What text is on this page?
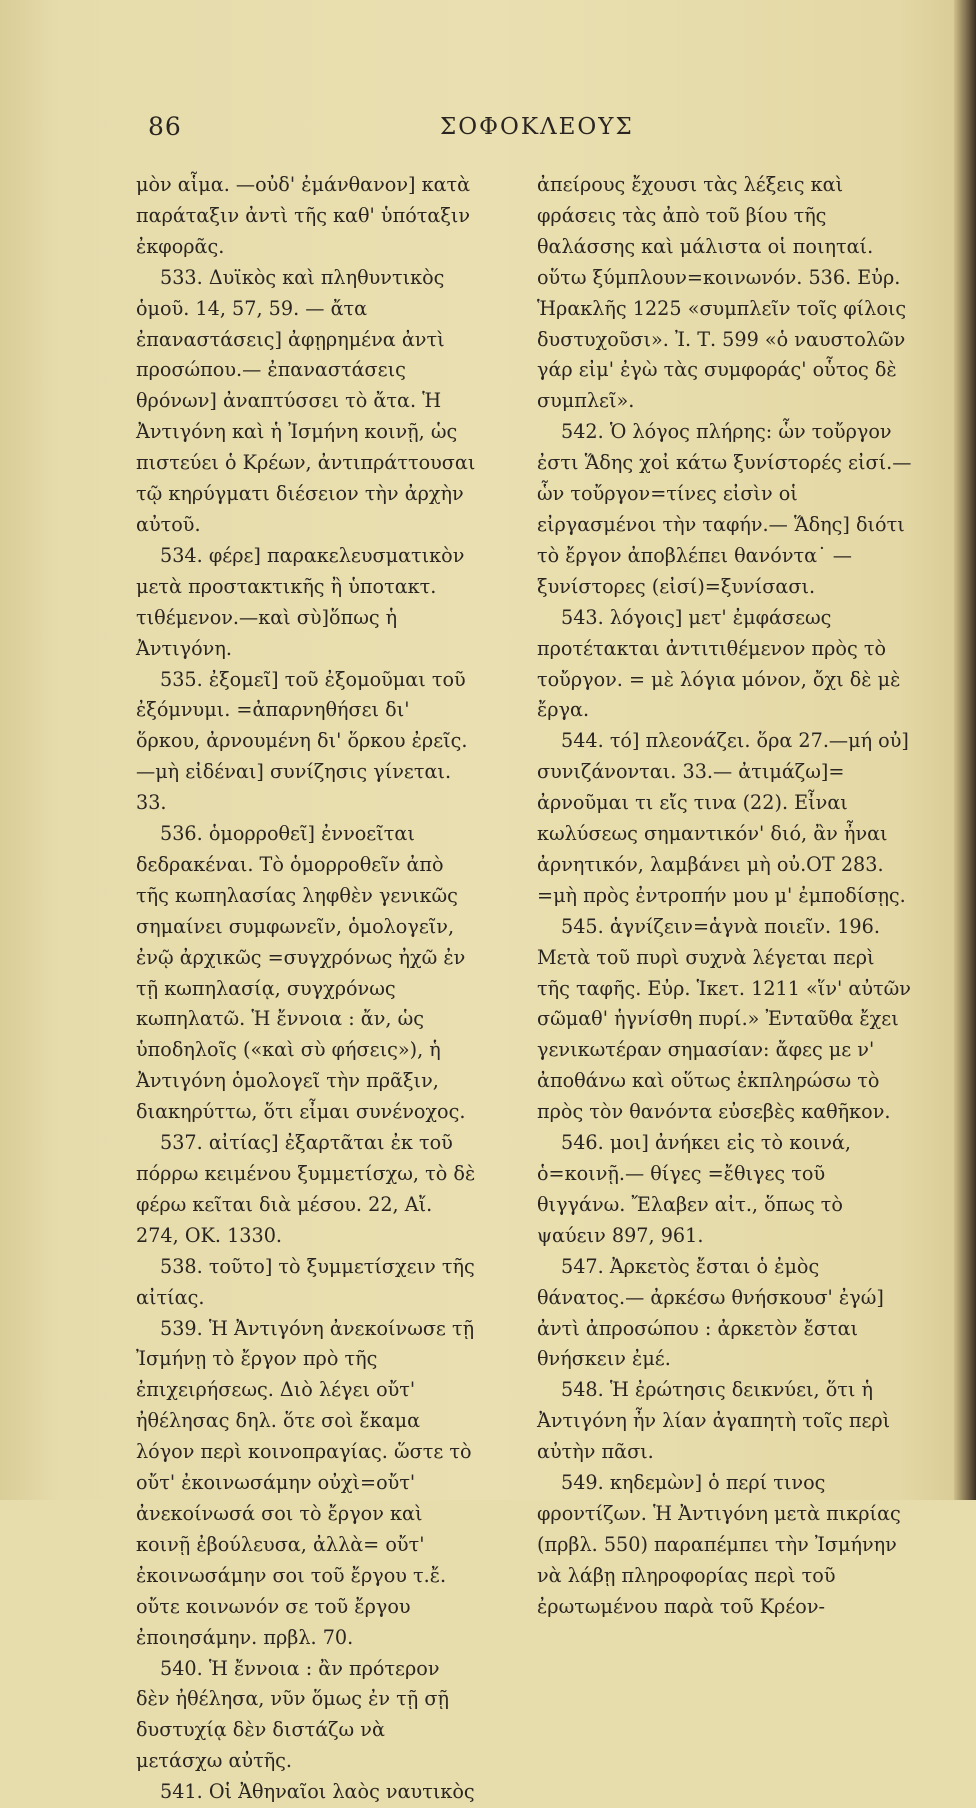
86	ΣΟΦΟΚΛΕΟΥΣ

μὸν αἷμα. —οὐδ' ἐμάνθανον] κατὰ παράταξιν ἀντὶ τῆς καθ' ὑπόταξιν ἐκφορᾶς.

533. Δυϊκὸς καὶ πληθυντικὸς ὁμοῦ. 14, 57, 59. — ἄτα ἐπαναστάσεις] ἀφῃρημένα ἀντὶ προσώπου.— ἐπαναστάσεις θρόνων] ἀναπτύσσει τὸ ἄτα. Ἡ Ἀντιγόνη καὶ ἡ Ἰσμήνη κοινῇ, ὡς πιστεύει ὁ Κρέων, ἀντιπράττουσαι τῷ κηρύγματι διέσειον τὴν ἀρχὴν αὐτοῦ.

534. φέρε] παρακελευσματικὸν μετὰ προστακτικῆς ἢ ὑποτακτ. τιθέμενον.—καὶ σὺ]ὅπως ἡ Ἀντιγόνη.

535. ἐξομεῖ] τοῦ ἐξομοῦμαι τοῦ ἐξόμνυμι. =ἀπαρνηθήσει δι' ὅρκου, ἀρνουμένη δι' ὅρκου ἐρεῖς.—μὴ εἰδέναι] συνίζησις γίνεται. 33.

536. ὁμορροθεῖ] ἐννοεῖται δεδρακέναι. Τὸ ὁμορροθεῖν ἀπὸ τῆς κωπηλασίας ληφθὲν γενικῶς σημαίνει συμφωνεῖν, ὁμολογεῖν, ἐνῷ ἀρχικῶς =συγχρόνως ἠχῶ ἐν τῇ κωπηλασίᾳ, συγχρόνως κωπηλατῶ. Ἡ ἔννοια : ἄν, ὡς ὑποδηλοῖς («καὶ σὺ φήσεις»), ἡ Ἀντιγόνη ὁμολογεῖ τὴν πρᾶξιν, διακηρύττω, ὅτι εἶμαι συνένοχος.

537. αἰτίας] ἐξαρτᾶται ἐκ τοῦ πόρρω κειμένου ξυμμετίσχω, τὸ δὲ φέρω κεῖται διὰ μέσου. 22, Αἴ. 274, ΟΚ. 1330.

538. τοῦτο] τὸ ξυμμετίσχειν τῆς αἰτίας.

539. Ἡ Ἀντιγόνη ἀνεκοίνωσε τῇ Ἰσμήνῃ τὸ ἔργον πρὸ τῆς ἐπιχειρήσεως. Διὸ λέγει οὔτ' ἠθέλησας δηλ. ὅτε σοὶ ἔκαμα λόγον περὶ κοινοπραγίας. ὥστε τὸ οὔτ' ἐκοινωσάμην οὐχὶ=οὔτ' ἀνεκοίνωσά σοι τὸ ἔργον καὶ κοινῇ ἐβούλευσα, ἀλλὰ= οὔτ' ἐκοινωσάμην σοι τοῦ ἔργου τ.ἔ. οὔτε κοινωνόν σε τοῦ ἔργου ἐποιησάμην. πρβλ. 70.

540. Ἡ ἔννοια : ἂν πρότερον δὲν ἠθέλησα, νῦν ὅμως ἐν τῇ σῇ δυστυχίᾳ δὲν διστάζω νὰ μετάσχω αὐτῆς.

541. Οἱ Ἀθηναῖοι λαὸς ναυτικὸς

ἀπείρους ἔχουσι τὰς λέξεις καὶ φράσεις τὰς ἀπὸ τοῦ βίου τῆς θαλάσσης καὶ μάλιστα οἱ ποιηταί. οὕτω ξύμπλουν=κοινωνόν. 536. Εὐρ. Ἡρακλῆς 1225 «συμπλεῖν τοῖς φίλοις δυστυχοῦσι». Ἰ. Τ. 599 «ὁ ναυστολῶν γάρ εἰμ' ἐγὼ τὰς συμφοράς' οὗτος δὲ συμπλεῖ».

542. Ὁ λόγος πλήρης: ὧν τοὔργον ἐστι Ἅδης χοἰ κάτω ξυνίστορές εἰσί.— ὧν τοὔργον=τίνες εἰσὶν οἱ εἰργασμένοι τὴν ταφήν.— Ἅδης] διότι τὸ ἔργον ἀποβλέπει θανόντα˙ — ξυνίστορες (εἰσί)=ξυνίσασι.

543. λόγοις] μετ' ἐμφάσεως προτέτακται ἀντιτιθέμενον πρὸς τὸ τοὔργον. = μὲ λόγια μόνον, ὄχι δὲ μὲ ἔργα.

544. τό] πλεονάζει. ὅρα 27.—μή οὐ] συνιζάνονται. 33.— ἀτιμάζω]= ἀρνοῦμαι τι εἴς τινα (22). Εἶναι κωλύσεως σημαντικόν' διό, ἂν ἦναι ἀρνητικόν, λαμβάνει μὴ οὐ.ΟΤ 283. =μὴ πρὸς ἐντροπήν μου μ' ἐμποδίσῃς.

545. ἁγνίζειν=ἁγνὰ ποιεῖν. 196. Μετὰ τοῦ πυρὶ συχνὰ λέγεται περὶ τῆς ταφῆς. Εὐρ. Ἱκετ. 1211 «ἵν' αὐτῶν σῶμαθ' ἡγνίσθη πυρί.» Ἐνταῦθα ἔχει γενικωτέραν σημασίαν: ἄφες με ν' ἀποθάνω καὶ οὕτως ἐκπληρώσω τὸ πρὸς τὸν θανόντα εὐσεβὲς καθῆκον.

546. μοι] ἀνήκει εἰς τὸ κοινά, ὁ=κοινῇ.— θίγες =ἔθιγες τοῦ θιγγάνω. Ἔλαβεν αἰτ., ὅπως τὸ ψαύειν 897, 961.

547. Ἀρκετὸς ἔσται ὁ ἐμὸς θάνατος.— ἀρκέσω θνήσκουσ' ἐγώ] ἀντὶ ἀπροσώπου : ἀρκετὸν ἔσται θνήσκειν ἐμέ.

548. Ἡ ἐρώτησις δεικνύει, ὅτι ἡ Ἀντιγόνη ἦν λίαν ἀγαπητὴ τοῖς περὶ αὐτὴν πᾶσι.

549. κηδεμὼν] ὁ περί τινος φροντίζων. Ἡ Ἀντιγόνη μετὰ πικρίας (πρβλ. 550) παραπέμπει τὴν Ἰσμήνην νὰ λάβῃ πληροφορίας περὶ τοῦ ἐρωτωμένου παρὰ τοῦ Κρέον-
